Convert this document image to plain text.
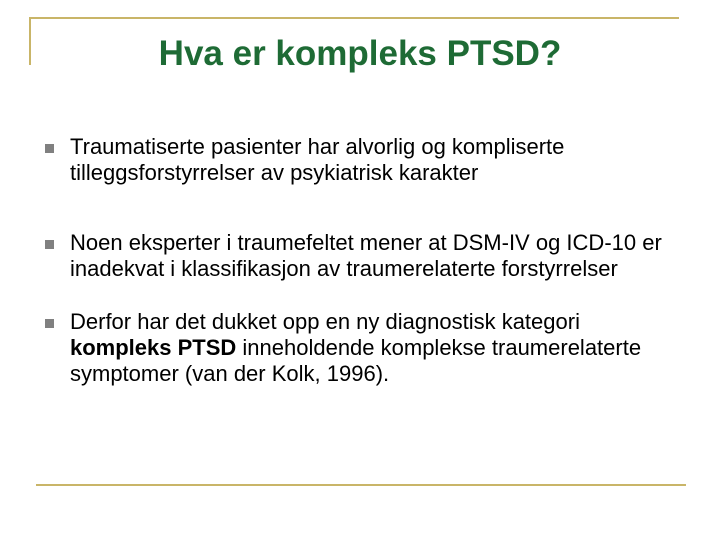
Hva er kompleks PTSD?
Traumatiserte pasienter har alvorlig og kompliserte tilleggsforstyrrelser av psykiatrisk karakter
Noen eksperter i traumefeltet mener at DSM-IV og ICD-10 er inadekvat i klassifikasjon av traumerelaterte forstyrrelser
Derfor har det dukket opp en ny diagnostisk kategori kompleks PTSD inneholdende komplekse traumerelaterte symptomer (van der Kolk, 1996).
